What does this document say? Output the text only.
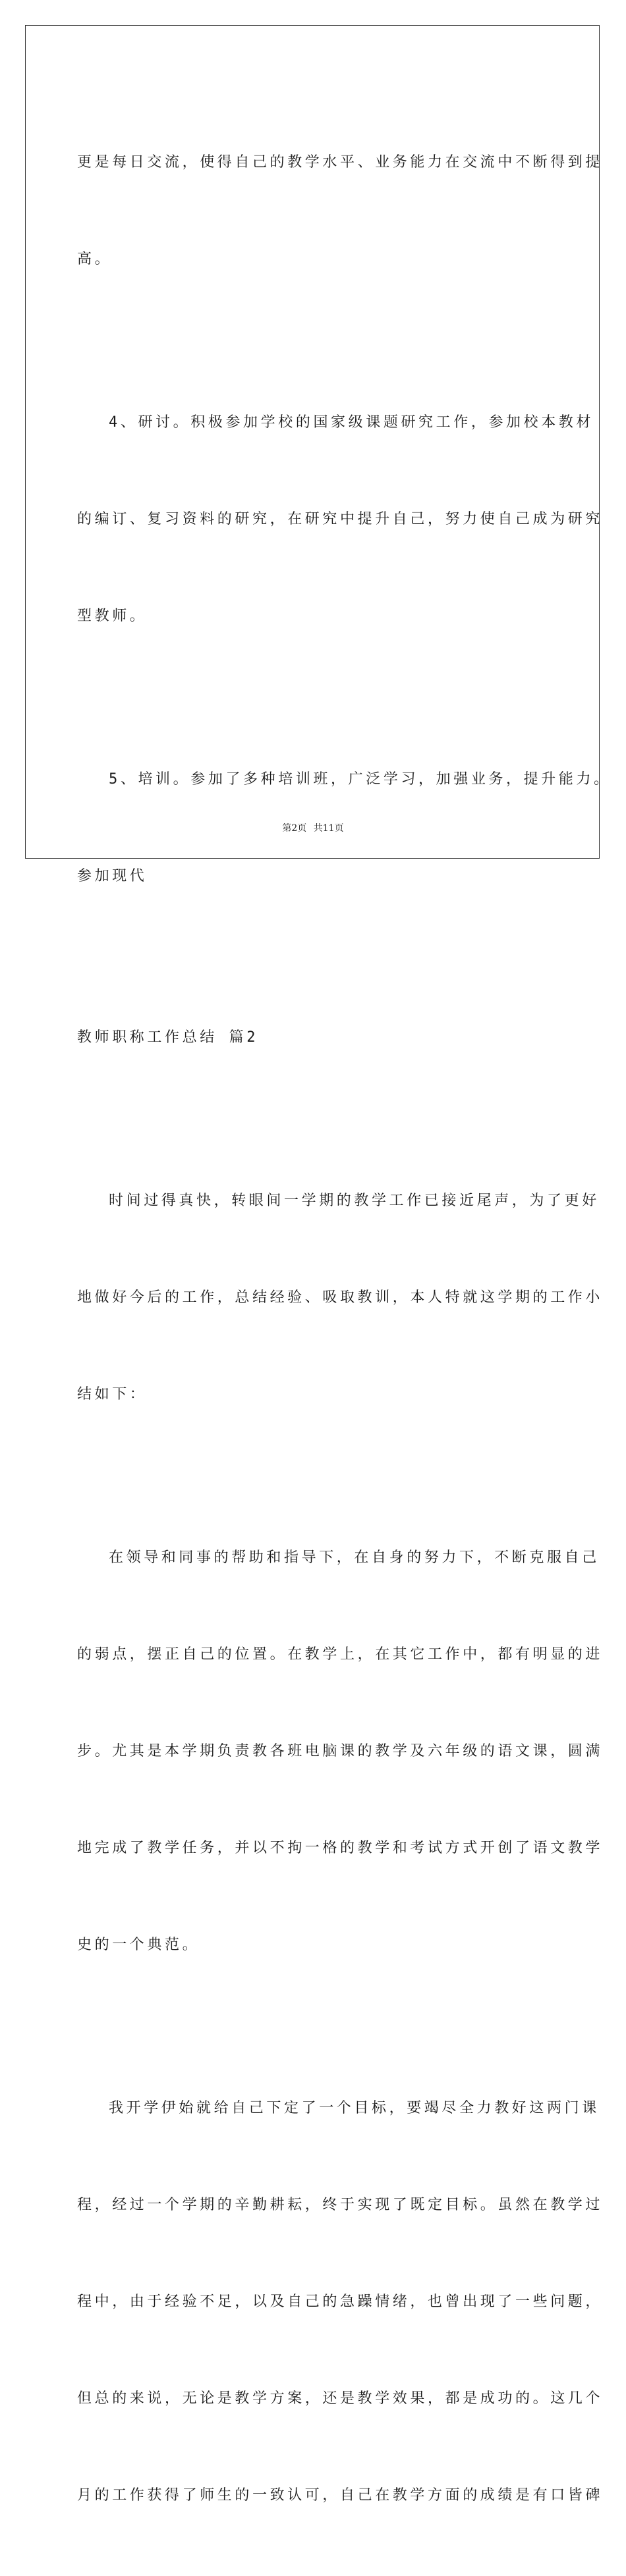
更是每日交流，使得自己的教学水平、业务能力在交流中不断得到提

高。

4、研讨。积极参加学校的国家级课题研究工作，参加校本教材

的编订、复习资料的研究，在研究中提升自己，努力使自己成为研究

型教师。

5、培训。参加了多种培训班，广泛学习，加强业务，提升能力。

参加现代

教师职称工作总结 篇2

时间过得真快，转眼间一学期的教学工作已接近尾声，为了更好

地做好今后的工作，总结经验、吸取教训，本人特就这学期的工作小

结如下：

在领导和同事的帮助和指导下，在自身的努力下，不断克服自己

的弱点，摆正自己的位置。在教学上，在其它工作中，都有明显的进

步。尤其是本学期负责教各班电脑课的教学及六年级的语文课，圆满

地完成了教学任务，并以不拘一格的教学和考试方式开创了语文教学

史的一个典范。

我开学伊始就给自己下定了一个目标，要竭尽全力教好这两门课

程，经过一个学期的辛勤耕耘，终于实现了既定目标。虽然在教学过

程中，由于经验不足，以及自己的急躁情绪，也曾出现了一些问题，

但总的来说，无论是教学方案，还是教学效果，都是成功的。这几个

月的工作获得了师生的一致认可，自己在教学方面的成绩是有口皆碑

第2页 共11页
